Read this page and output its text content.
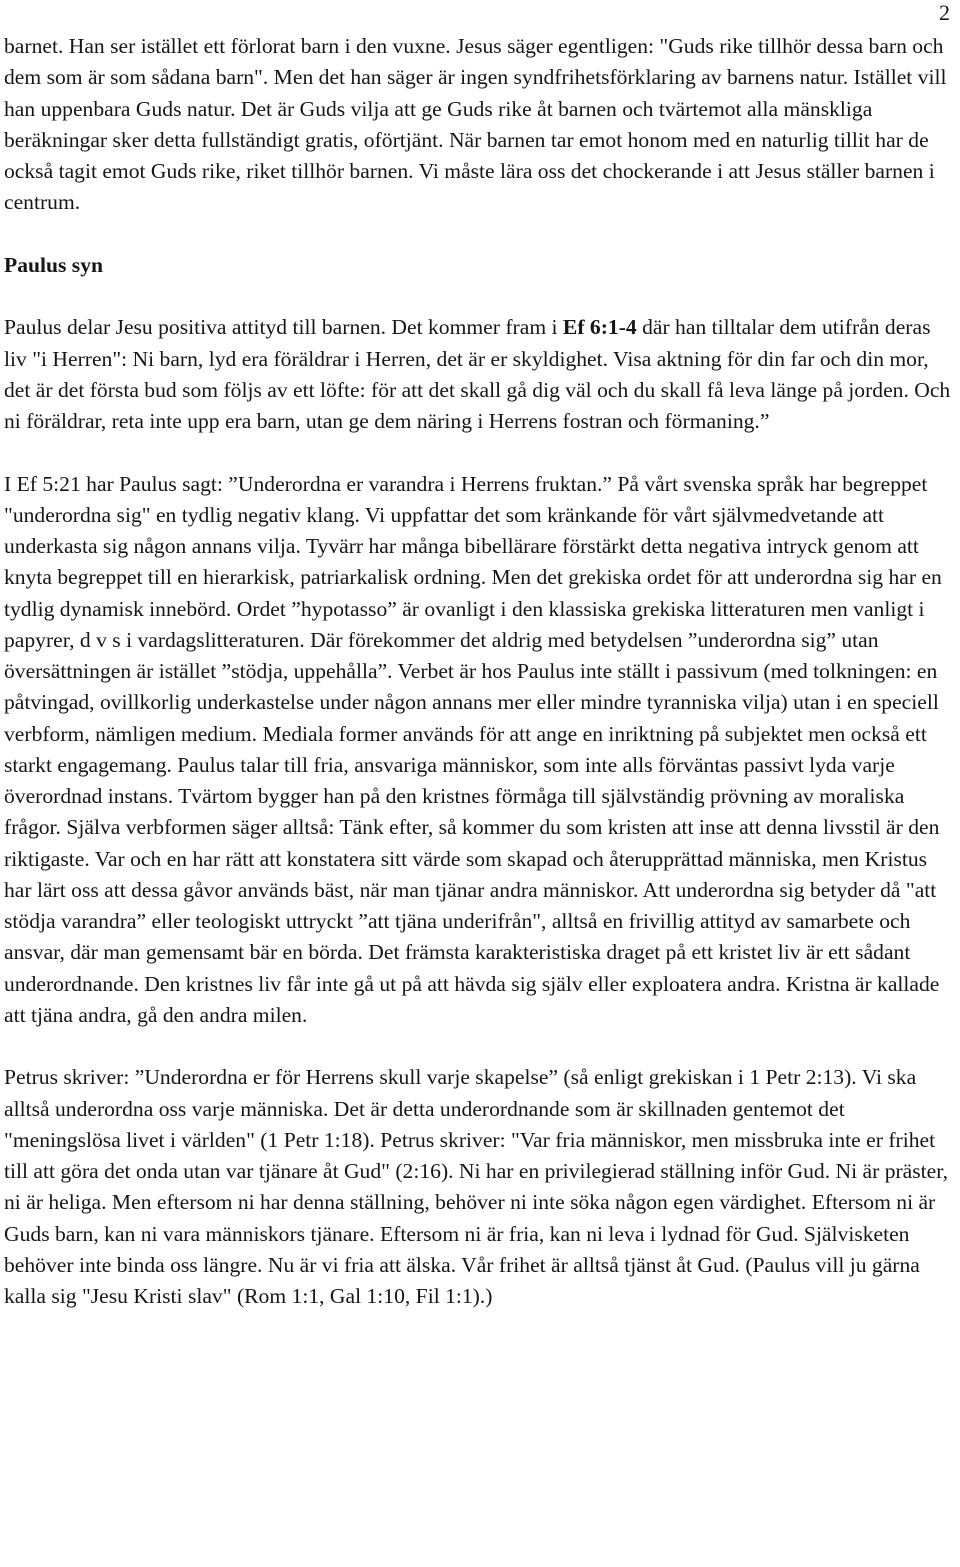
2

barnet. Han ser istället ett förlorat barn i den vuxne. Jesus säger egentligen: "Guds rike tillhör dessa barn och dem som är som sådana barn". Men det han säger är ingen syndfrihetsförklaring av barnens natur. Istället vill han uppenbara Guds natur. Det är Guds vilja att ge Guds rike åt barnen och tvärtemot alla mänskliga beräkningar sker detta fullständigt gratis, oförtjänt. När barnen tar emot honom med en naturlig tillit har de också tagit emot Guds rike, riket tillhör barnen. Vi måste lära oss det chockerande i att Jesus ställer barnen i centrum.

Paulus syn

Paulus delar Jesu positiva attityd till barnen. Det kommer fram i Ef 6:1-4 där han tilltalar dem utifrån deras liv "i Herren": Ni barn, lyd era föräldrar i Herren, det är er skyldighet. Visa aktning för din far och din mor, det är det första bud som följs av ett löfte: för att det skall gå dig väl och du skall få leva länge på jorden. Och ni föräldrar, reta inte upp era barn, utan ge dem näring i Herrens fostran och förmaning.”

I Ef 5:21 har Paulus sagt: ”Underordna er varandra i Herrens fruktan.” På vårt svenska språk har begreppet "underordna sig" en tydlig negativ klang. Vi uppfattar det som kränkande för vårt självmedvetande att underkasta sig någon annans vilja. Tyvärr har många bibellärare förstärkt detta negativa intryck genom att knyta begreppet till en hierarkisk, patriarkalisk ordning. Men det grekiska ordet för att underordna sig har en tydlig dynamisk innebörd. Ordet ”hypotasso” är ovanligt i den klassiska grekiska litteraturen men vanligt i papyrer, d v s i vardagslitteraturen. Där förekommer det aldrig med betydelsen ”underordna sig” utan översättningen är istället ”stödja, uppehålla”. Verbet är hos Paulus inte ställt i passivum (med tolkningen: en påtvingad, ovillkorlig underkastelse under någon annans mer eller mindre tyranniska vilja) utan i en speciell verbform, nämligen medium. Mediala former används för att ange en inriktning på subjektet men också ett starkt engagemang. Paulus talar till fria, ansvariga människor, som inte alls förväntas passivt lyda varje överordnad instans. Tvärtom bygger han på den kristnes förmåga till självständig prövning av moraliska frågor. Själva verbformen säger alltså: Tänk efter, så kommer du som kristen att inse att denna livsstil är den riktigaste. Var och en har rätt att konstatera sitt värde som skapad och återupprättad människa, men Kristus har lärt oss att dessa gåvor används bäst, när man tjänar andra människor. Att underordna sig betyder då "att stödja varandra” eller teologiskt uttryckt ”att tjäna underifrån", alltså en frivillig attityd av samarbete och ansvar, där man gemensamt bär en börda. Det främsta karakteristiska draget på ett kristet liv är ett sådant underordnande. Den kristnes liv får inte gå ut på att hävda sig själv eller exploatera andra. Kristna är kallade att tjäna andra, gå den andra milen.

Petrus skriver: ”Underordna er för Herrens skull varje skapelse” (så enligt grekiskan i 1 Petr 2:13). Vi ska alltså underordna oss varje människa. Det är detta underordnande som är skillnaden gentemot det "meningslösa livet i världen" (1 Petr 1:18). Petrus skriver: "Var fria människor, men missbruka inte er frihet till att göra det onda utan var tjänare åt Gud" (2:16). Ni har en privilegierad ställning inför Gud. Ni är präster, ni är heliga. Men eftersom ni har denna ställning, behöver ni inte söka någon egen värdighet. Eftersom ni är Guds barn, kan ni vara människors tjänare. Eftersom ni är fria, kan ni leva i lydnad för Gud. Självisketen behöver inte binda oss längre. Nu är vi fria att älska. Vår frihet är alltså tjänst åt Gud. (Paulus vill ju gärna kalla sig "Jesu Kristi slav" (Rom 1:1, Gal 1:10, Fil 1:1).)
